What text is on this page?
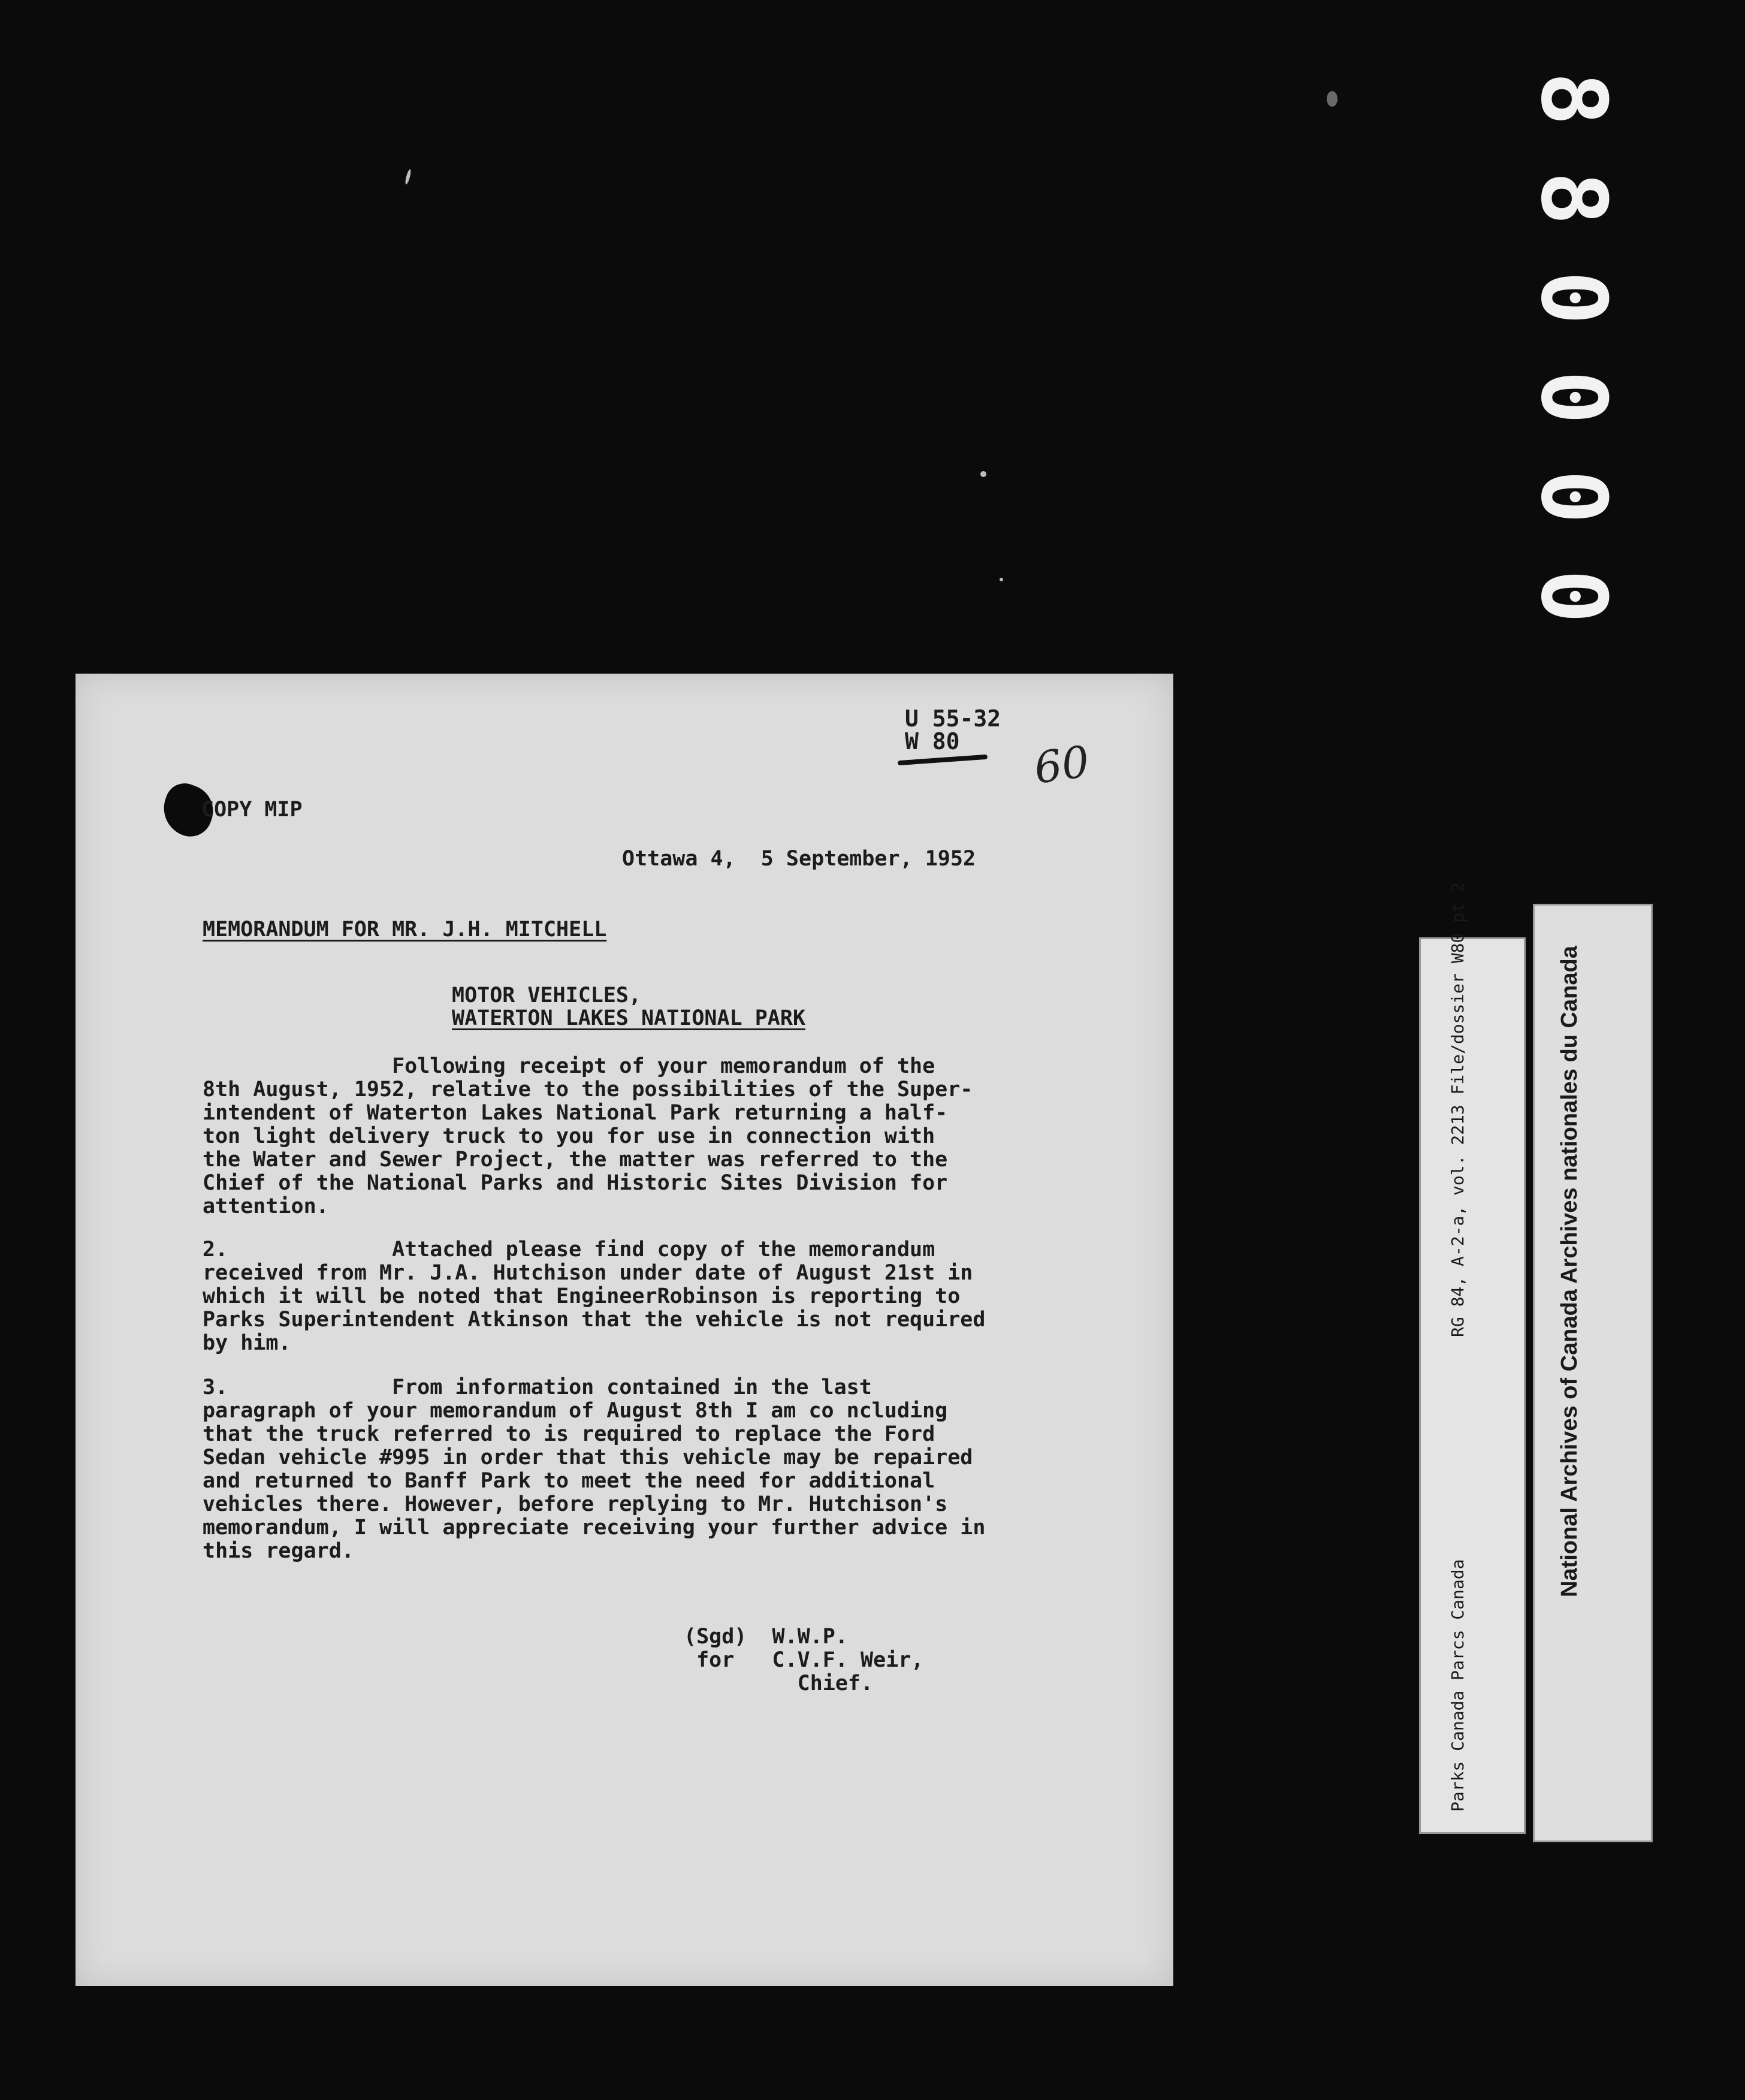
8
8
0
0
0
0
U 55-32
W 80	60
COPY MIP
Ottawa 4,  5 September, 1952
MEMORANDUM FOR MR. J.H. MITCHELL
MOTOR VEHICLES,
WATERTON LAKES NATIONAL PARK
Following receipt of your memorandum of the
8th August, 1952, relative to the possibilities of the Super-
intendent of Waterton Lakes National Park returning a half-
ton light delivery truck to you for use in connection with
the Water and Sewer Project, the matter was referred to the
Chief of the National Parks and Historic Sites Division for
attention.
2.             Attached please find copy of the memorandum
received from Mr. J.A. Hutchison under date of August 21st in
which it will be noted that EngineerRobinson is reporting to
Parks Superintendent Atkinson that the vehicle is not required
by him.
3.             From information contained in the last
paragraph of your memorandum of August 8th I am co ncluding
that the truck referred to is required to replace the Ford
Sedan vehicle #995 in order that this vehicle may be repaired
and returned to Banff Park to meet the need for additional
vehicles there. However, before replying to Mr. Hutchison's
memorandum, I will appreciate receiving your further advice in
this regard.
(Sgd)  W.W.P.
for   C.V.F. Weir,
Chief.
RG 84, A-2-a, vol. 2213 File/dossier W80 pt 2
Parks Canada Parcs Canada
National Archives of Canada Archives nationales du Canada
